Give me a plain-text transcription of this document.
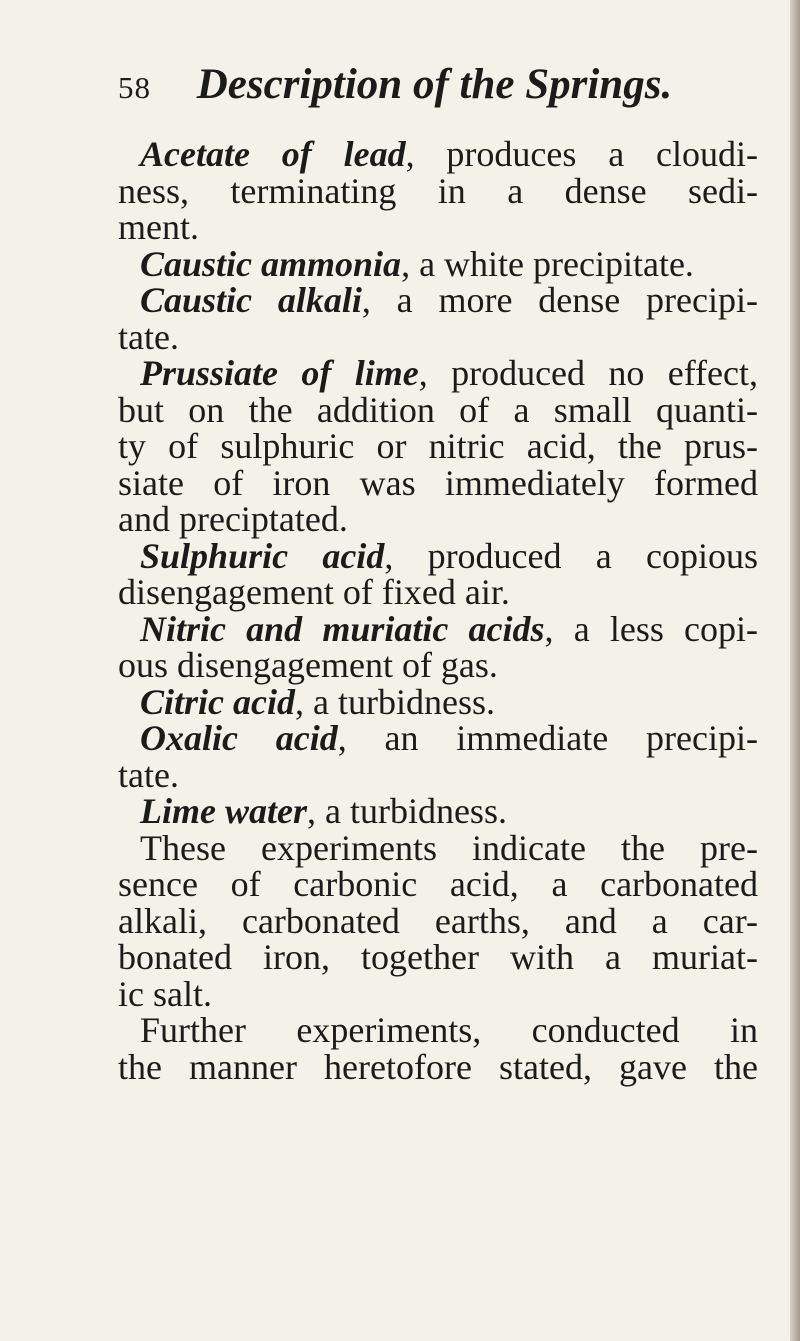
58 Description of the Springs.
Acetate of lead, produces a cloudi-
ness, terminating in a dense sedi-
ment.
Caustic ammonia, a white precipitate.
Caustic alkali, a more dense precipi-
tate.
Prussiate of lime, produced no effect,
but on the addition of a small quanti-
ty of sulphuric or nitric acid, the prus-
siate of iron was immediately formed
and preciptated.
Sulphuric acid, produced a copious
disengagement of fixed air.
Nitric and muriatic acids, a less copi-
ous disengagement of gas.
Citric acid, a turbidness.
Oxalic acid, an immediate precipi-
tate.
Lime water, a turbidness.
These experiments indicate the pre-
sence of carbonic acid, a carbonated
alkali, carbonated earths, and a car-
bonated iron, together with a muriat-
ic salt.
Further experiments, conducted in
the manner heretofore stated, gave the
